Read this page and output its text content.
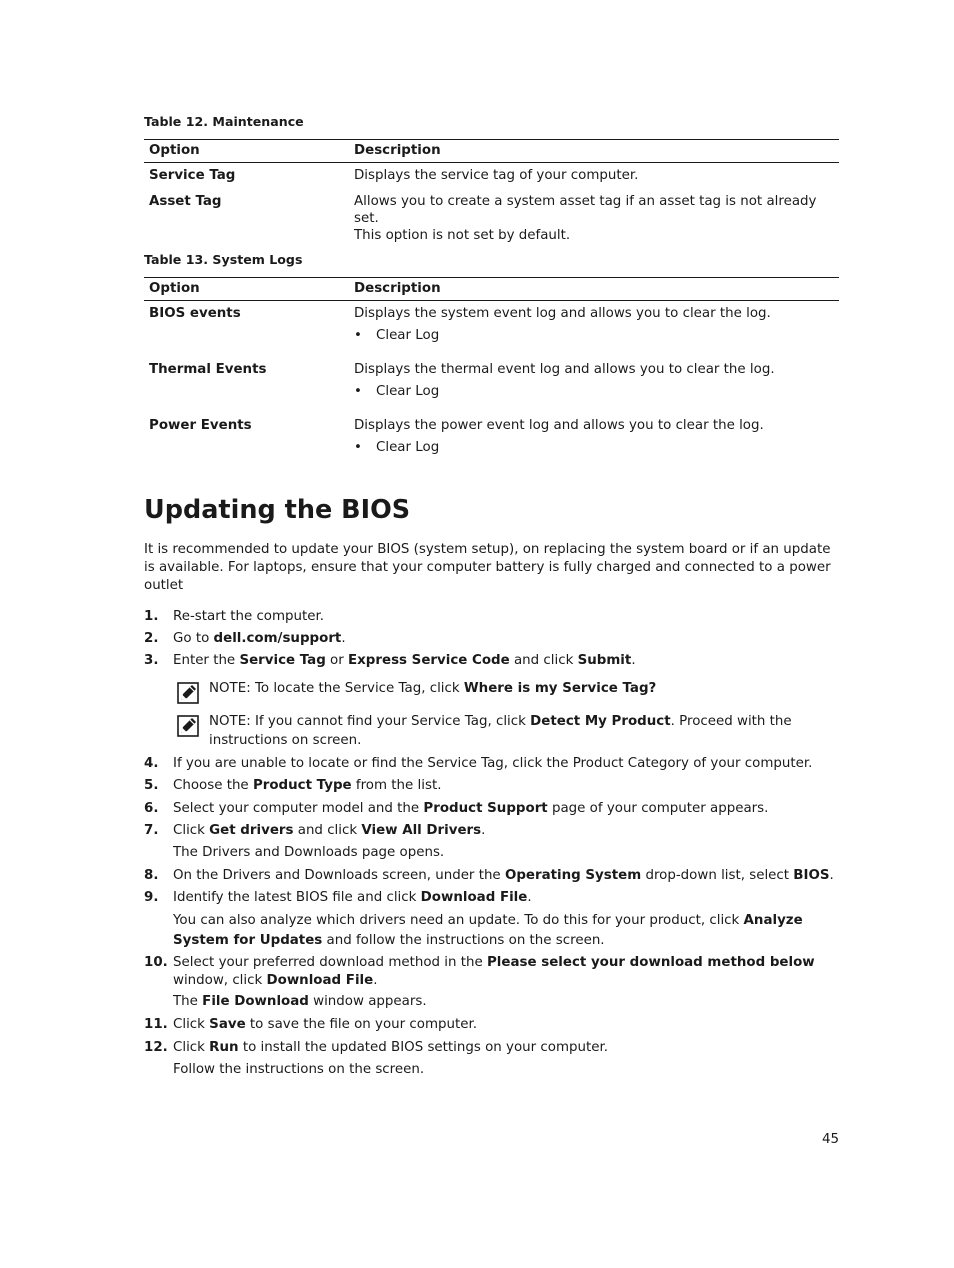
Table 12. Maintenance
Option	Description
Service Tag	Displays the service tag of your computer.
Asset Tag	Allows you to create a system asset tag if an asset tag is not already set.
This option is not set by default.
Table 13. System Logs
Option	Description
BIOS events	Displays the system event log and allows you to clear the log.
• Clear Log

Thermal Events	Displays the thermal event log and allows you to clear the log.
• Clear Log

Power Events	Displays the power event log and allows you to clear the log.
• Clear Log
Updating the BIOS
It is recommended to update your BIOS (system setup), on replacing the system board or if an update is available. For laptops, ensure that your computer battery is fully charged and connected to a power outlet
1. Re-start the computer.
2. Go to dell.com/support.
3. Enter the Service Tag or Express Service Code and click Submit.
NOTE: To locate the Service Tag, click Where is my Service Tag?
NOTE: If you cannot find your Service Tag, click Detect My Product. Proceed with the instructions on screen.
4. If you are unable to locate or find the Service Tag, click the Product Category of your computer.
5. Choose the Product Type from the list.
6. Select your computer model and the Product Support page of your computer appears.
7. Click Get drivers and click View All Drivers.
The Drivers and Downloads page opens.
8. On the Drivers and Downloads screen, under the Operating System drop-down list, select BIOS.
9. Identify the latest BIOS file and click Download File.
You can also analyze which drivers need an update. To do this for your product, click Analyze System for Updates and follow the instructions on the screen.
10. Select your preferred download method in the Please select your download method below window, click Download File.
The File Download window appears.
11. Click Save to save the file on your computer.
12. Click Run to install the updated BIOS settings on your computer.
Follow the instructions on the screen.
45
